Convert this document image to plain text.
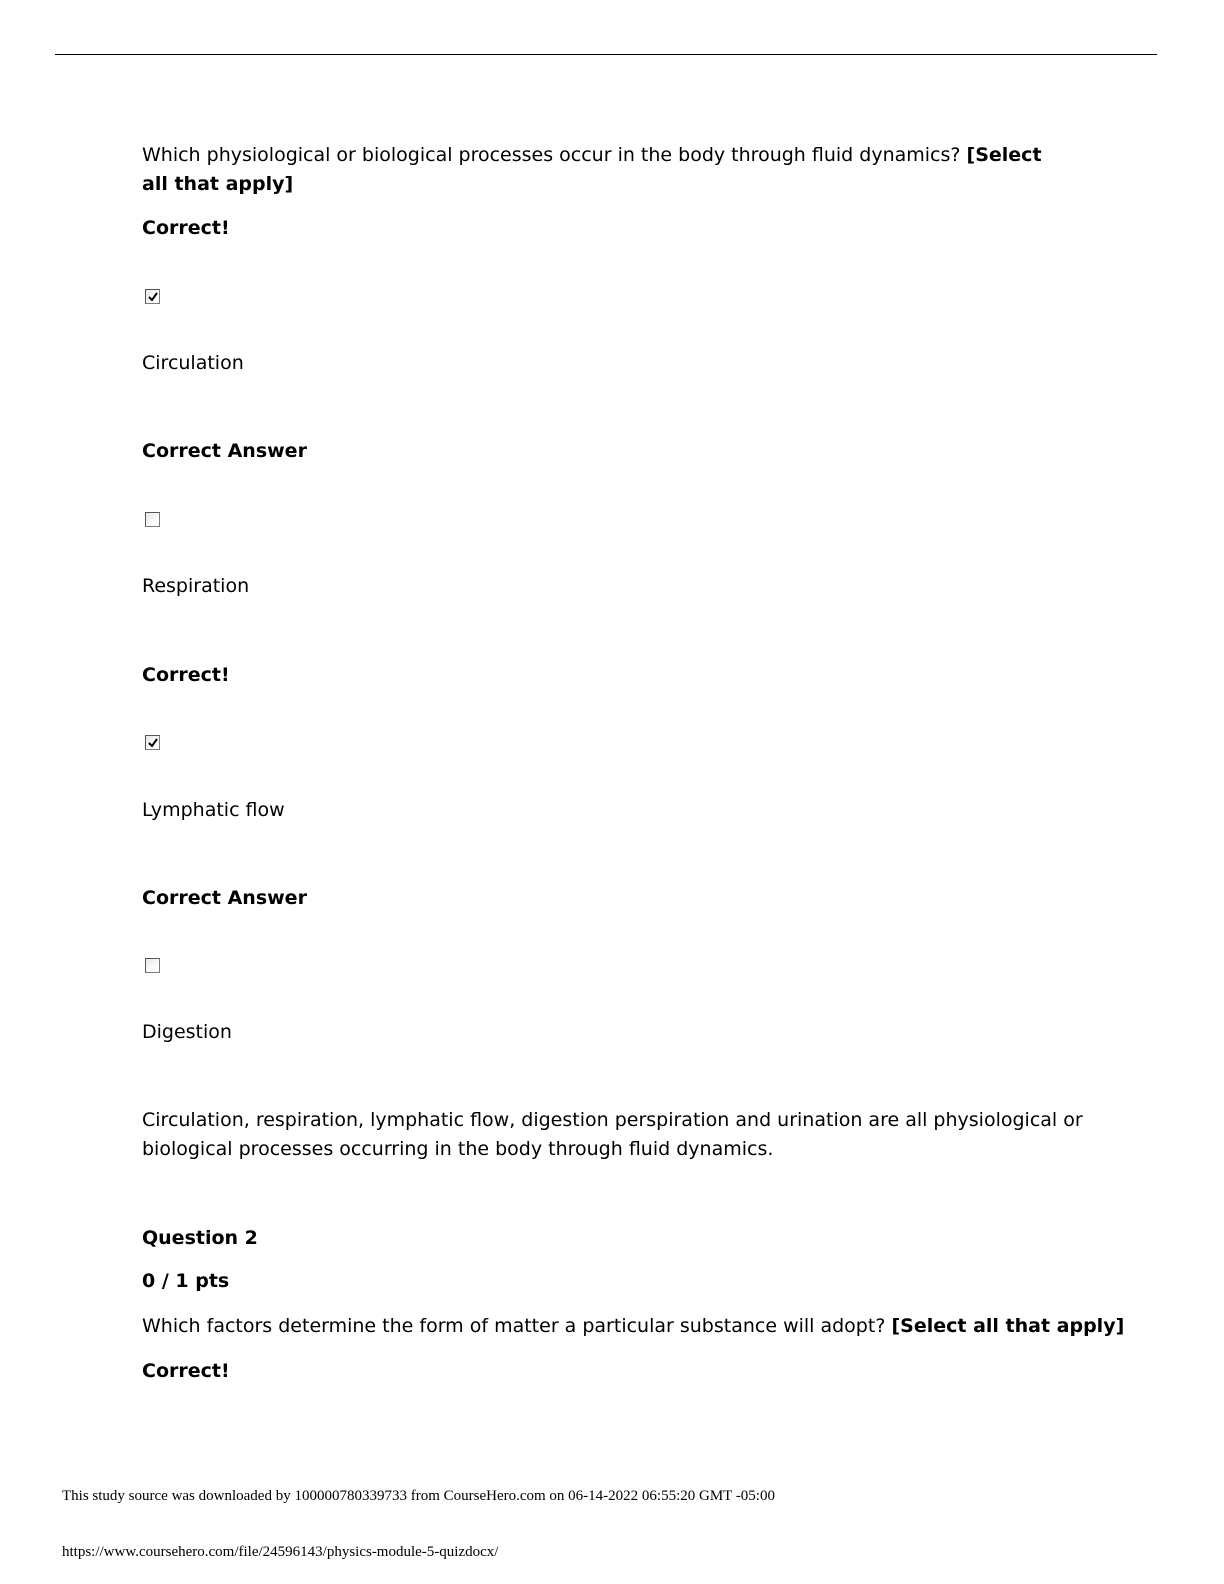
Which physiological or biological processes occur in the body through fluid dynamics? [Select all that apply]
Correct!
Circulation
Correct Answer
Respiration
Correct!
Lymphatic flow
Correct Answer
Digestion
Circulation, respiration, lymphatic flow, digestion perspiration and urination are all physiological or
biological processes occurring in the body through fluid dynamics.
Question 2
0 / 1 pts
Which factors determine the form of matter a particular substance will adopt? [Select all that apply]
Correct!
This study source was downloaded by 100000780339733 from CourseHero.com on 06-14-2022 06:55:20 GMT -05:00
https://www.coursehero.com/file/24596143/physics-module-5-quizdocx/
